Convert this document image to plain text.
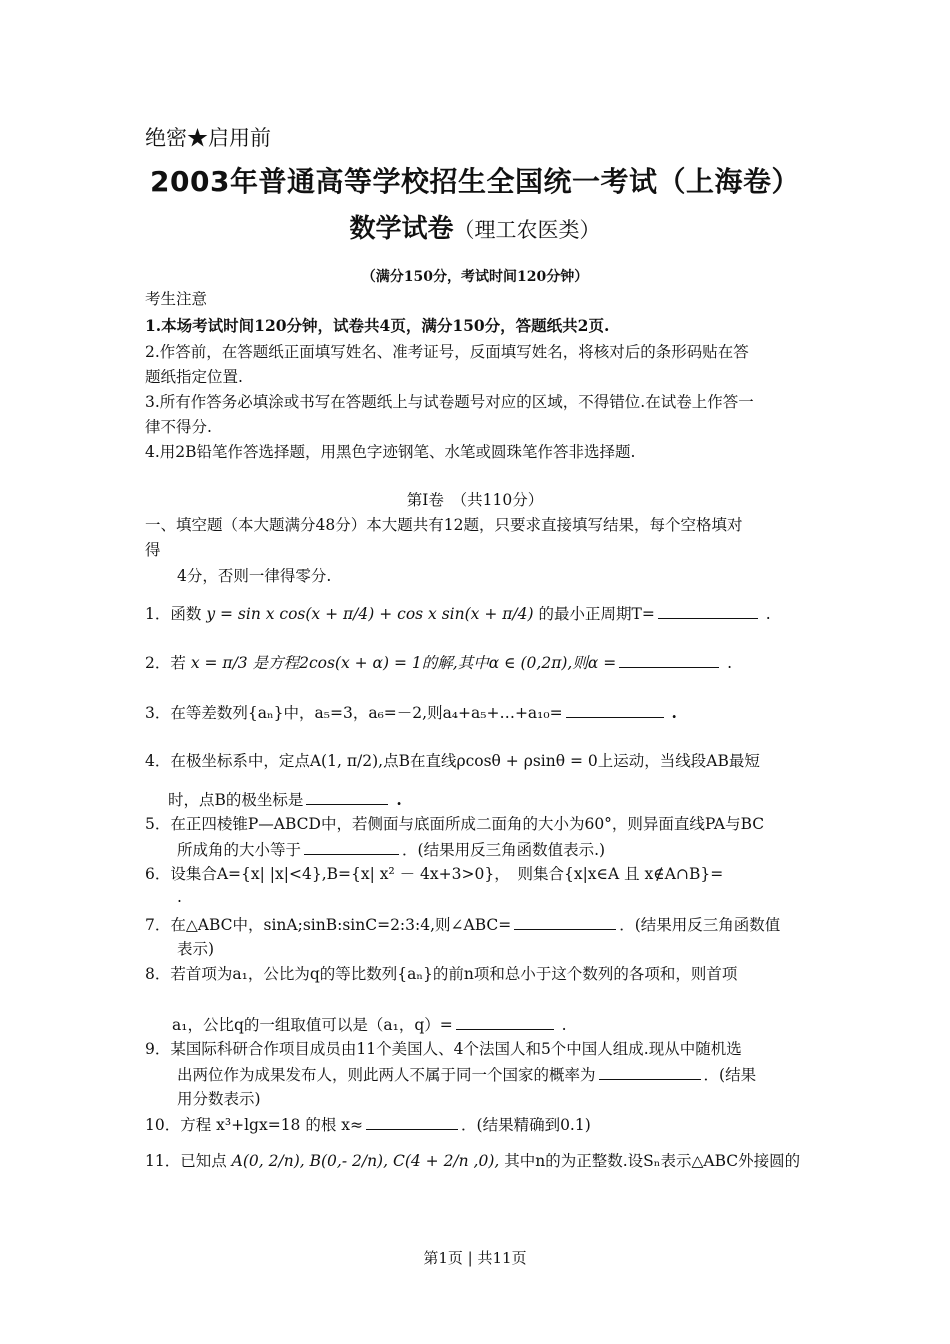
绝密★启用前
2003年普通高等学校招生全国统一考试（上海卷）
数学试卷（理工农医类）
（满分150分，考试时间120分钟）
考生注意
1.本场考试时间120分钟，试卷共4页，满分150分，答题纸共2页.
2.作答前，在答题纸正面填写姓名、准考证号，反面填写姓名，将核对后的条形码贴在答
题纸指定位置.
3.所有作答务必填涂或书写在答题纸上与试卷题号对应的区域，不得错位.在试卷上作答一
律不得分.
4.用2B铅笔作答选择题，用黑色字迹钢笔、水笔或圆珠笔作答非选择题.
第Ⅰ卷　（共110分）
一、填空题（本大题满分48分）本大题共有12题，只要求直接填写结果，每个空格填对
得
4分，否则一律得零分.
1．函数 y = sin x cos(x + π/4) + cos x sin(x + π/4) 的最小正周期T=	.
2．若 x = π/3 是方程2cos(x + α) = 1的解,其中α ∈ (0,2π),则α =	.
3．在等差数列{aₙ}中，a₅=3，a₆=－2,则a₄+a₅+…+a₁₀=	.
4．在极坐标系中，定点A(1, π/2),点B在直线ρcosθ + ρsinθ = 0上运动，当线段AB最短
时，点B的极坐标是	.
5．在正四棱锥P—ABCD中，若侧面与底面所成二面角的大小为60°，则异面直线PA与BC
所成角的大小等于	．(结果用反三角函数值表示.)
6．设集合A={x| |x|<4},B={x| x² － 4x+3>0}，　则集合{x|x∈A 且 x∉A∩B}=
.
7．在△ABC中，sinA;sinB:sinC=2:3:4,则∠ABC=	．(结果用反三角函数值
表示)
8．若首项为a₁，公比为q的等比数列{aₙ}的前n项和总小于这个数列的各项和，则首项
a₁，公比q的一组取值可以是（a₁，q）=	.
9．某国际科研合作项目成员由11个美国人、4个法国人和5个中国人组成.现从中随机选
出两位作为成果发布人，则此两人不属于同一个国家的概率为	．(结果
用分数表示)
10．方程 x³+lgx=18 的根 x≈	．(结果精确到0.1)
11．已知点 A(0, 2/n), B(0,- 2/n), C(4 + 2/n ,0), 其中n的为正整数.设Sₙ表示△ABC外接圆的
第1页 | 共11页
